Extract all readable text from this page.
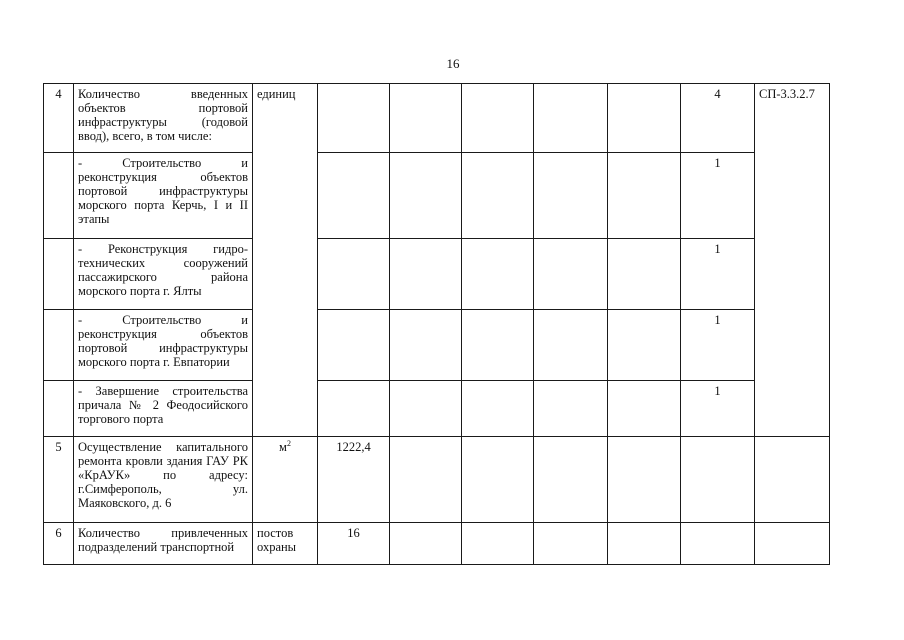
16
4	Количество введенных объектов портовой инфраструктуры (годовой ввод), всего, в том числе:	единиц						4	СП-3.3.2.7
	- Строительство и реконструкция объектов портовой инфраструктуры морского порта Керчь, I и II этапы							1	
	- Реконструкция гидро-технических сооружений пассажирского района морского порта г. Ялты							1	
	- Строительство и реконструкция объектов портовой инфраструктуры морского порта г. Евпатории							1	
	- Завершение строительства причала № 2 Феодосийского торгового порта							1	
5	Осуществление капитального ремонта кровли здания ГАУ РК «КрАУК» по адресу: г.Симферополь, ул. Маяковского, д. 6	$м^2$	1222,4						
6	Количество привлеченных подразделений транспортной	постов охраны	16						
